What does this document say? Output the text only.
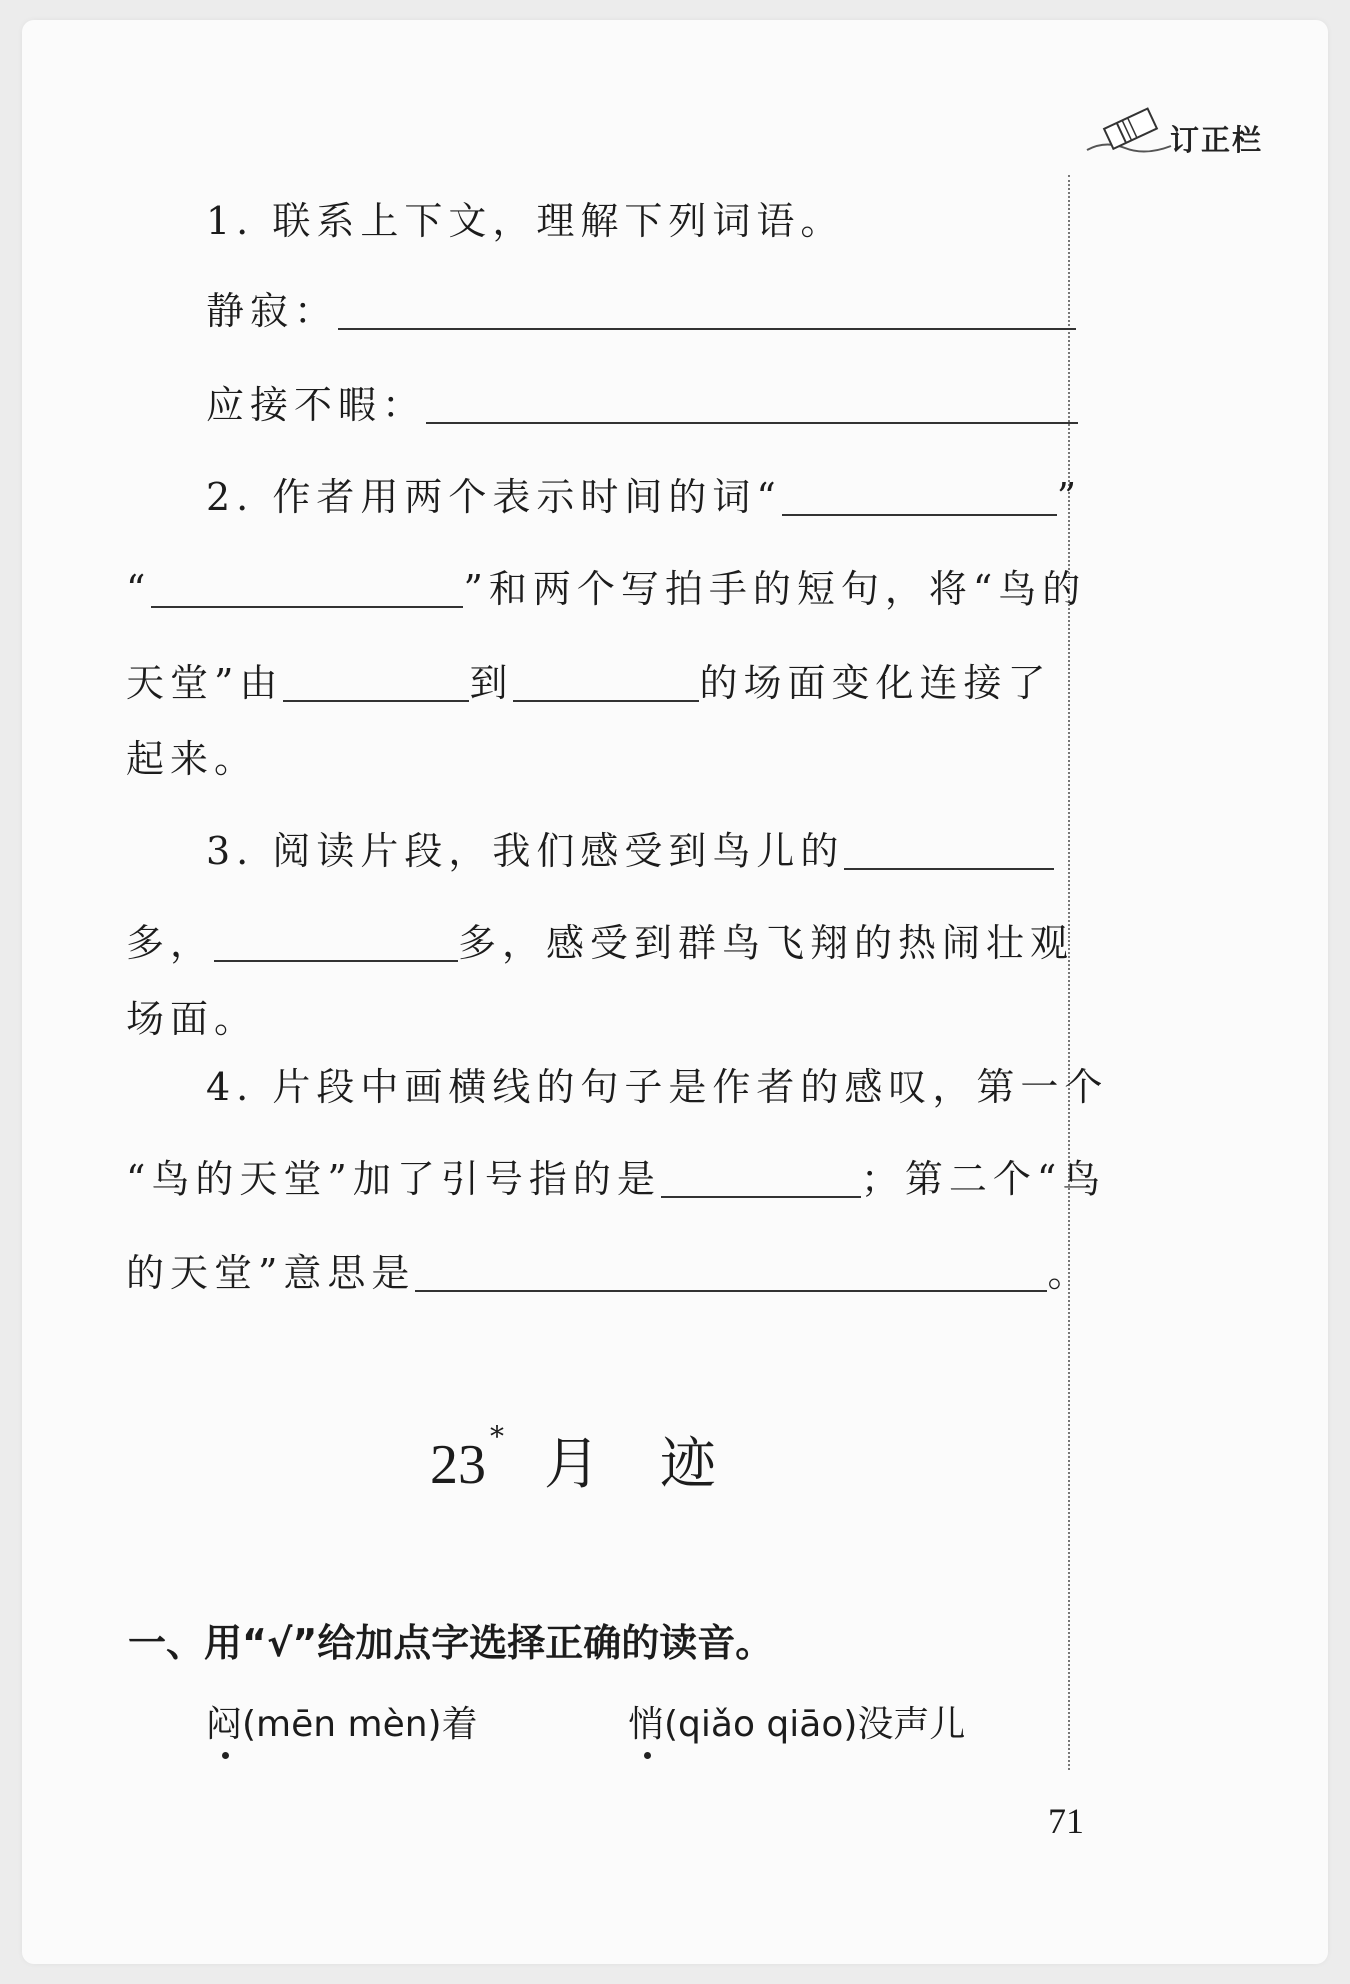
订正栏
1. 联系上下文，理解下列词语。
静寂：
应接不暇：
2. 作者用两个表示时间的词“	”
“	”和两个写拍手的短句，将“鸟的
天堂”由	到	的场面变化连接了
起来。
3. 阅读片段，我们感受到鸟儿的
多，	多，感受到群鸟飞翔的热闹壮观
场面。
4. 片段中画横线的句子是作者的感叹，第一个
“鸟的天堂”加了引号指的是	；第二个“鸟
的天堂”意思是	。
23 * 月 迹
一、用“√”给加点字选择正确的读音。
闷(mēn mèn)着	悄(qiǎo qiāo)没声儿
71
